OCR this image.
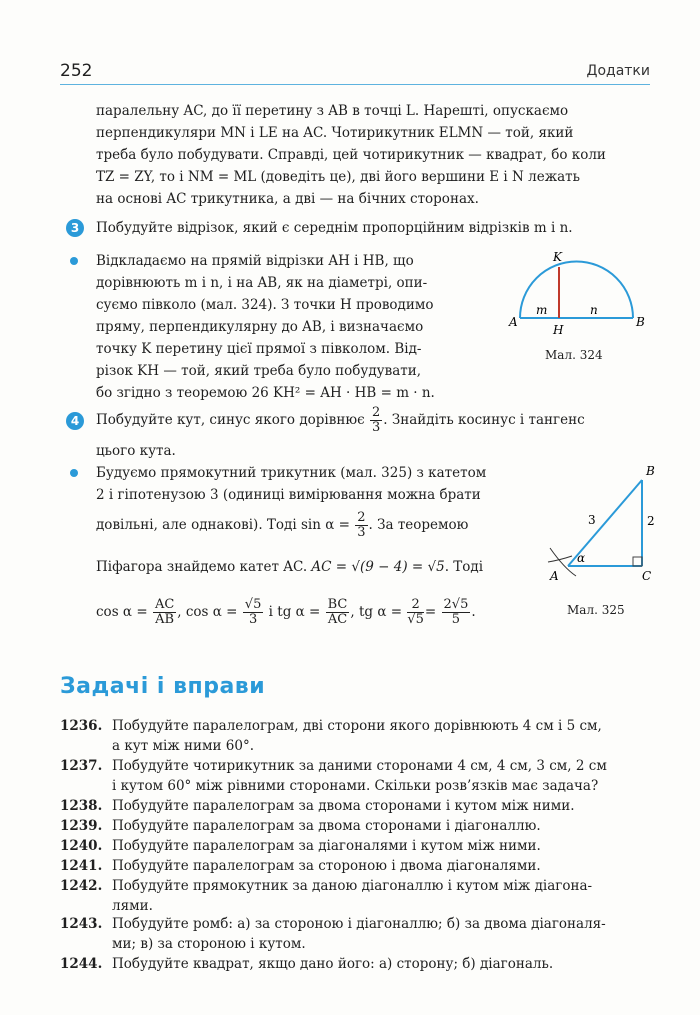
252	Додатки
паралельну AC, до її перетину з AB в точці L. Нарешті, опускаємо
перпендикуляри MN і LE на AC. Чотирикутник ELMN — той, який
треба було побудувати. Справді, цей чотирикутник — квадрат, бо коли
TZ = ZY, то і NM = ML (доведіть це), дві його вершини E і N лежать
на основі AC трикутника, а дві — на бічних сторонах.
3	Побудуйте відрізок, який є середнім пропорційним відрізків m і n.
Відкладаємо на прямій відрізки AH і HB, що
дорівнюють m і n, і на AB, як на діаметрі, опи-
суємо півколо (мал. 324). З точки H проводимо
пряму, перпендикулярну до AB, і визначаємо
точку K перетину цієї прямої з півколом. Від-
різок KH — той, який треба було побудувати,
бо згідно з теоремою 26 KH² = AH · HB = m · n.
K
A
H
B
m	n
Мал. 324
4	Побудуйте кут, синус якого дорівнює $\frac{2}{3}$ . Знайдіть косинус і тангенс
цього кута.
Будуємо прямокутний трикутник (мал. 325) з катетом
2 і гіпотенузою 3 (одиниці вимірювання можна брати
довільні, але однакові). Тоді $\sin \alpha = \frac{2}{3}$ . За теоремою
Піфагора знайдемо катет AC. AC = √(9 − 4) = √5. Тоді
$\cos \alpha = \frac{AC}{AB}$ , $\cos \alpha = \frac{√5}{3}$ і tg $\alpha = \frac{BC}{AC}$ , tg $\alpha = \frac{2}{√5} = \frac{2√5}{5}$ .
B
A	C
3	2
α
Мал. 325
Задачі і вправи
1236. Побудуйте паралелограм, дві сторони якого дорівнюють 4 см і 5 см,
а кут між ними 60°.
1237. Побудуйте чотирикутник за даними сторонами 4 см, 4 см, 3 см, 2 см
і кутом 60° між рівними сторонами. Скільки розв’язків має задача?
1238. Побудуйте паралелограм за двома сторонами і кутом між ними.
1239. Побудуйте паралелограм за двома сторонами і діагоналлю.
1240. Побудуйте паралелограм за діагоналями і кутом між ними.
1241. Побудуйте паралелограм за стороною і двома діагоналями.
1242. Побудуйте прямокутник за даною діагоналлю і кутом між діагона-
лями.
1243. Побудуйте ромб: а) за стороною і діагоналлю; б) за двома діагоналя-
ми; в) за стороною і кутом.
1244. Побудуйте квадрат, якщо дано його: а) сторону; б) діагональ.
